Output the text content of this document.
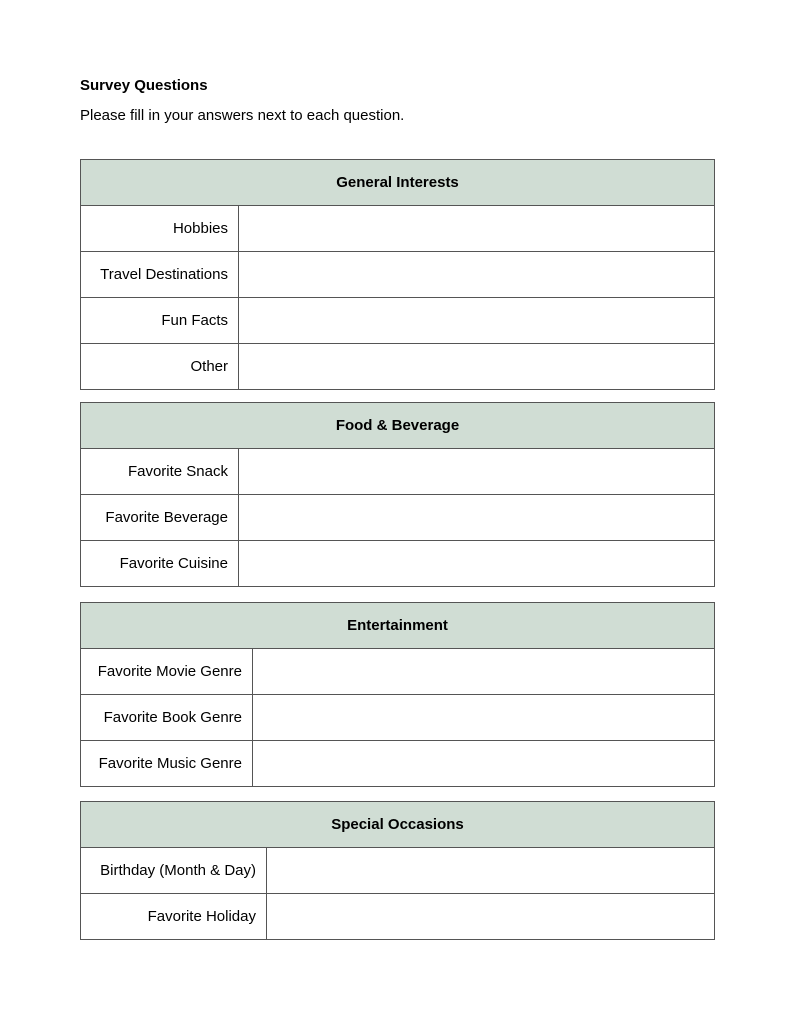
Survey Questions
Please fill in your answers next to each question.
General Interests	
Hobbies	
Travel Destinations	
Fun Facts	
Other	
Food & Beverage	
Favorite Snack	
Favorite Beverage	
Favorite Cuisine	
Entertainment	
Favorite Movie Genre	
Favorite Book Genre	
Favorite Music Genre	
Special Occasions	
Birthday (Month & Day)	
Favorite Holiday	
